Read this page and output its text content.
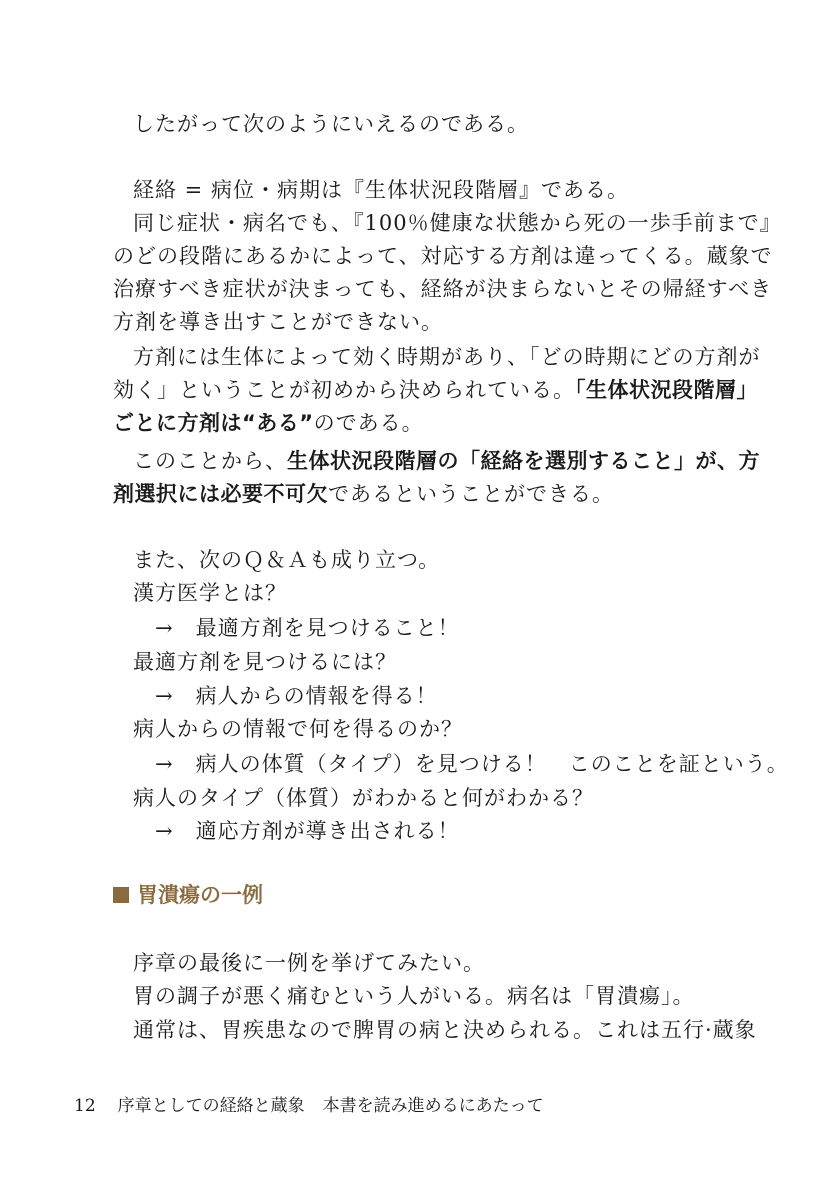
したがって次のようにいえるのである。
経絡 = 病位・病期は『生体状況段階層』である。
同じ症状・病名でも、『100％健康な状態から死の一歩手前まで』
のどの段階にあるかによって、対応する方剤は違ってくる。蔵象で
治療すべき症状が決まっても、経絡が決まらないとその帰経すべき
方剤を導き出すことができない。
方剤には生体によって効く時期があり、「どの時期にどの方剤が
効く」ということが初めから決められている。「生体状況段階層」
ごとに方剤は“ある”のである。
このことから、生体状況段階層の「経絡を選別すること」が、方
剤選択には必要不可欠であるということができる。
また、次のＱ＆Ａも成り立つ。
漢方医学とは？
→ 最適方剤を見つけること！
最適方剤を見つけるには？
→ 病人からの情報を得る！
病人からの情報で何を得るのか？
→ 病人の体質（タイプ）を見つける！　このことを証という。
病人のタイプ（体質）がわかると何がわかる？
→ 適応方剤が導き出される！
胃潰瘍の一例
序章の最後に一例を挙げてみたい。
胃の調子が悪く痛むという人がいる。病名は「胃潰瘍」。
通常は、胃疾患なので脾胃の病と決められる。これは五行·蔵象
12 序章としての経絡と蔵象 本書を読み進めるにあたって
